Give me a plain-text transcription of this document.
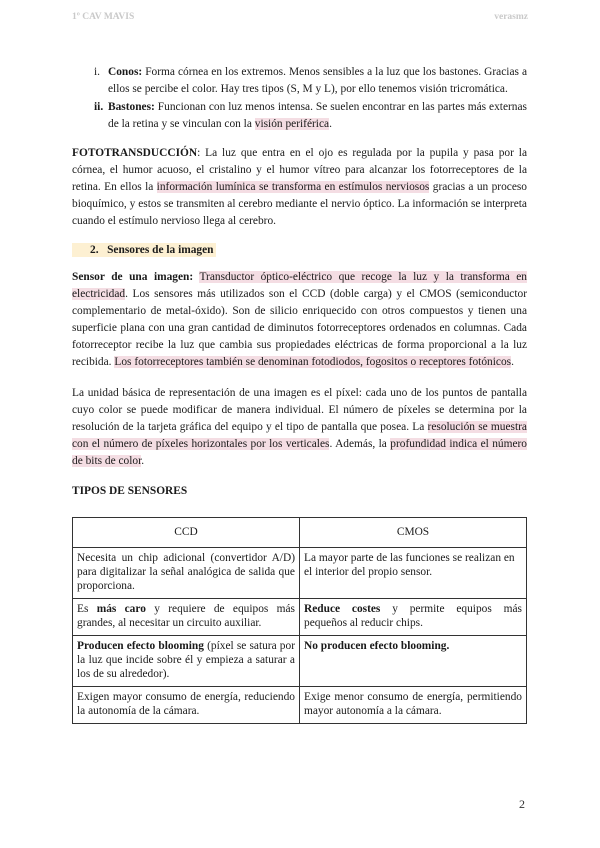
1º CAV MAVIS	verasmz
i. Conos: Forma córnea en los extremos. Menos sensibles a la luz que los bastones. Gracias a ellos se percibe el color. Hay tres tipos (S, M y L), por ello tenemos visión tricromática.
ii. Bastones: Funcionan con luz menos intensa. Se suelen encontrar en las partes más externas de la retina y se vinculan con la visión periférica.

FOTOTRANSDUCCIÓN: La luz que entra en el ojo es regulada por la pupila y pasa por la córnea, el humor acuoso, el cristalino y el humor vítreo para alcanzar los fotorreceptores de la retina. En ellos la información lumínica se transforma en estímulos nerviosos gracias a un proceso bioquímico, y estos se transmiten al cerebro mediante el nervio óptico. La información se interpreta cuando el estímulo nervioso llega al cerebro.

2. Sensores de la imagen

Sensor de una imagen: Transductor óptico-eléctrico que recoge la luz y la transforma en electricidad. Los sensores más utilizados son el CCD (doble carga) y el CMOS (semiconductor complementario de metal-óxido). Son de silicio enriquecido con otros compuestos y tienen una superficie plana con una gran cantidad de diminutos fotorreceptores ordenados en columnas. Cada fotorreceptor recibe la luz que cambia sus propiedades eléctricas de forma proporcional a la luz recibida. Los fotorreceptores también se denominan fotodiodos, fogositos o receptores fotónicos.

La unidad básica de representación de una imagen es el píxel: cada uno de los puntos de pantalla cuyo color se puede modificar de manera individual. El número de píxeles se determina por la resolución de la tarjeta gráfica del equipo y el tipo de pantalla que posea. La resolución se muestra con el número de píxeles horizontales por los verticales. Además, la profundidad indica el número de bits de color.

TIPOS DE SENSORES
CCD	CMOS
Necesita un chip adicional (convertidor A/D) para digitalizar la señal analógica de salida que proporciona.	La mayor parte de las funciones se realizan en el interior del propio sensor.
Es más caro y requiere de equipos más grandes, al necesitar un circuito auxiliar.	Reduce costes y permite equipos más pequeños al reducir chips.
Producen efecto blooming (píxel se satura por la luz que incide sobre él y empieza a saturar a los de su alrededor).	No producen efecto blooming.
Exigen mayor consumo de energía, reduciendo la autonomía de la cámara.	Exige menor consumo de energía, permitiendo mayor autonomía a la cámara.
2
